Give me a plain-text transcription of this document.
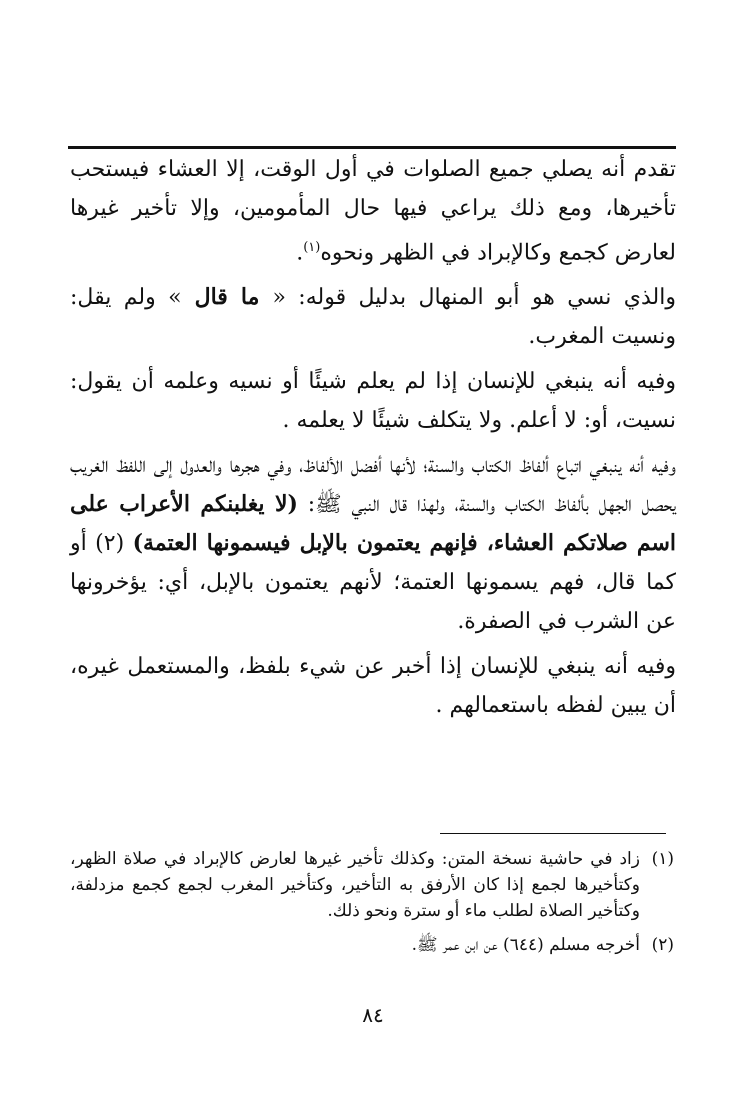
تقدم أنه يصلي جميع الصلوات في أول الوقت، إلا العشاء فيستحب تأخيرها، ومع ذلك يراعي فيها حال المأمومين، وإلا تأخير غيرها لعارض كجمع وكالإبراد في الظهر ونحوه$^{(١)}$.

والذي نسي هو أبو المنهال بدليل قوله: « ما قال » ولم يقل: ونسيت المغرب.

وفيه أنه ينبغي للإنسان إذا لم يعلم شيئًا أو نسيه وعلمه أن يقول: نسيت، أو: لا أعلم. ولا يتكلف شيئًا لا يعلمه .

وفيه أنه ينبغي اتباع ألفاظ الكتاب والسنة؛ لأنها أفضل الألفاظ، وفي هجرها والعدول إلى اللفظ الغريب يحصل الجهل بألفاظ الكتاب والسنة، ولهذا قال النبي ﷺ: (لا يغلبنكم الأعراب على اسم صلاتكم العشاء، فإنهم يعتمون بالإبل فيسمونها العتمة) (٢) أو كما قال، فهم يسمونها العتمة؛ لأنهم يعتمون بالإبل، أي: يؤخرونها عن الشرب في الصفرة.

وفيه أنه ينبغي للإنسان إذا أخبر عن شيء بلفظ، والمستعمل غيره، أن يبين لفظه باستعمالهم .

(١)
زاد في حاشية نسخة المتن: وكذلك تأخير غيرها لعارض كالإبراد في صلاة الظهر، وكتأخيرها لجمع إذا كان الأرفق به التأخير، وكتأخير المغرب لجمع كجمع مزدلفة، وكتأخير الصلاة لطلب ماء أو سترة ونحو ذلك.
(٢)
أخرجه مسلم (٦٤٤) عن ابن عمر ﷺ.
٨٤
